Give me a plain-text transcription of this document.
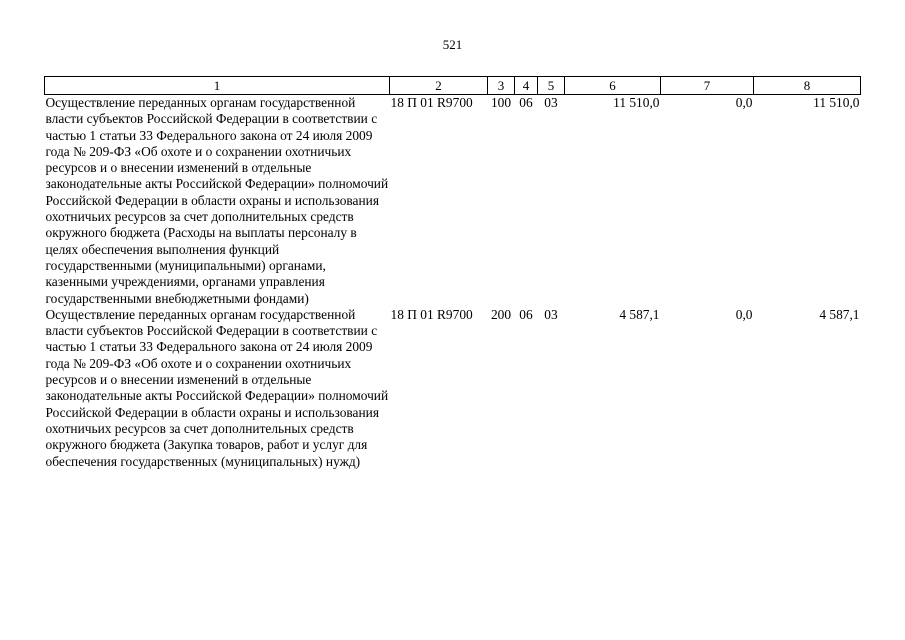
521
1	2	3	4	5	6	7	8
Осуществление переданных органам государственной власти субъектов Российской Федерации в соответствии с частью 1 статьи 33 Федерального закона от 24 июля 2009 года № 209-ФЗ «Об охоте и о сохранении охотничьих ресурсов и о внесении изменений в отдельные законодательные акты Российской Федерации» полномочий Российской Федерации в области охраны и использования охотничьих ресурсов за счет дополнительных средств окружного бюджета (Расходы на выплаты персоналу в целях обеспечения выполнения функций государственными (муниципальными) органами, казенными учреждениями, органами управления государственными внебюджетными фондами)	18 П 01 R9700	100	06	03	11 510,0	0,0	11 510,0
Осуществление переданных органам государственной власти субъектов Российской Федерации в соответствии с частью 1 статьи 33 Федерального закона от 24 июля 2009 года № 209-ФЗ «Об охоте и о сохранении охотничьих ресурсов и о внесении изменений в отдельные законодательные акты Российской Федерации» полномочий Российской Федерации в области охраны и использования охотничьих ресурсов за счет дополнительных средств окружного бюджета (Закупка товаров, работ и услуг для обеспечения государственных (муниципальных) нужд)	18 П 01 R9700	200	06	03	4 587,1	0,0	4 587,1
